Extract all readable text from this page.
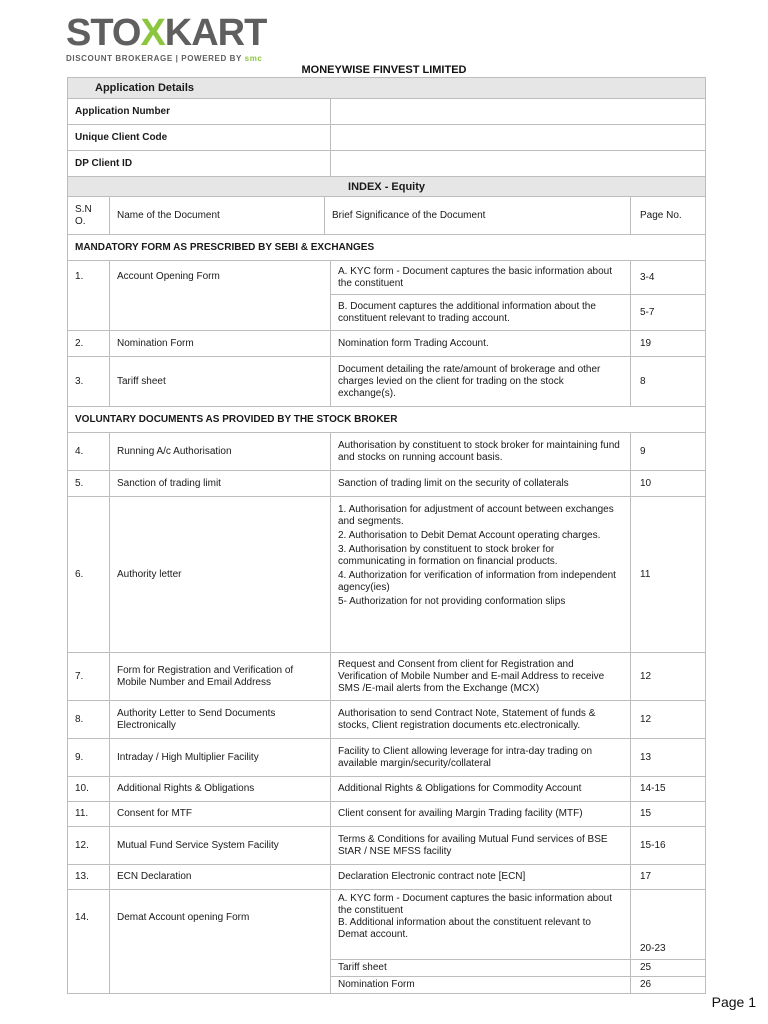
STOXKART
DISCOUNT BROKERAGE | POWERED BY smc
MONEYWISE FINVEST LIMITED
Application Details				
Application Number				
Unique Client Code				
DP Client ID				
INDEX - Equity				
S.N O.	Name of the Document	Brief Significance of the Document		Page No.
MANDATORY FORM AS PRESCRIBED BY SEBI & EXCHANGES				
1.	Account Opening Form		A. KYC form - Document captures the basic information about the constituent	3-4
			B. Document captures the additional information about the constituent relevant to trading account.	5-7
2.	Nomination Form		Nomination form Trading Account.	19
3.	Tariff sheet		Document detailing the rate/amount of brokerage and other charges levied on the client for trading on the stock exchange(s).	8
VOLUNTARY DOCUMENTS AS PROVIDED BY THE STOCK BROKER				
4.	Running A/c Authorisation		Authorisation by constituent to stock broker for maintaining fund and stocks on running account basis.	9
5.	Sanction of trading limit		Sanction of trading limit on the security of collaterals	10
6.	Authority letter		1. Authorisation for adjustment of account between exchanges and segments.
2. Authorisation to Debit Demat Account operating charges.
3. Authorisation by constituent to stock broker for communicating in formation on financial products.
4. Authorization for verification of information from independent agency(ies)
5- Authorization for not providing conformation slips	11
7.	Form for Registration and Verification of Mobile Number and Email Address		Request and Consent from client for Registration and Verification of Mobile Number and E-mail Address to receive SMS /E-mail alerts from the Exchange (MCX)	12
8.	Authority Letter to Send Documents Electronically		Authorisation to send Contract Note, Statement of funds & stocks, Client registration documents etc.electronically.	12
9.	Intraday / High Multiplier Facility		Facility to Client allowing leverage for intra-day trading on available margin/security/collateral	13
10.	Additional Rights & Obligations		Additional Rights & Obligations for Commodity Account	14-15
11.	Consent for MTF		Client consent for availing Margin Trading facility (MTF)	15
12.	Mutual Fund Service System Facility		Terms & Conditions for availing Mutual Fund services of BSE StAR / NSE MFSS facility	15-16
13.	ECN Declaration		Declaration Electronic contract note [ECN]	17
14.	Demat Account opening Form		A. KYC form - Document captures the basic information about the constituent
B. Additional information about the constituent relevant to Demat account.	20-23
			Tariff sheet	25
			Nomination Form	26
Page 1
